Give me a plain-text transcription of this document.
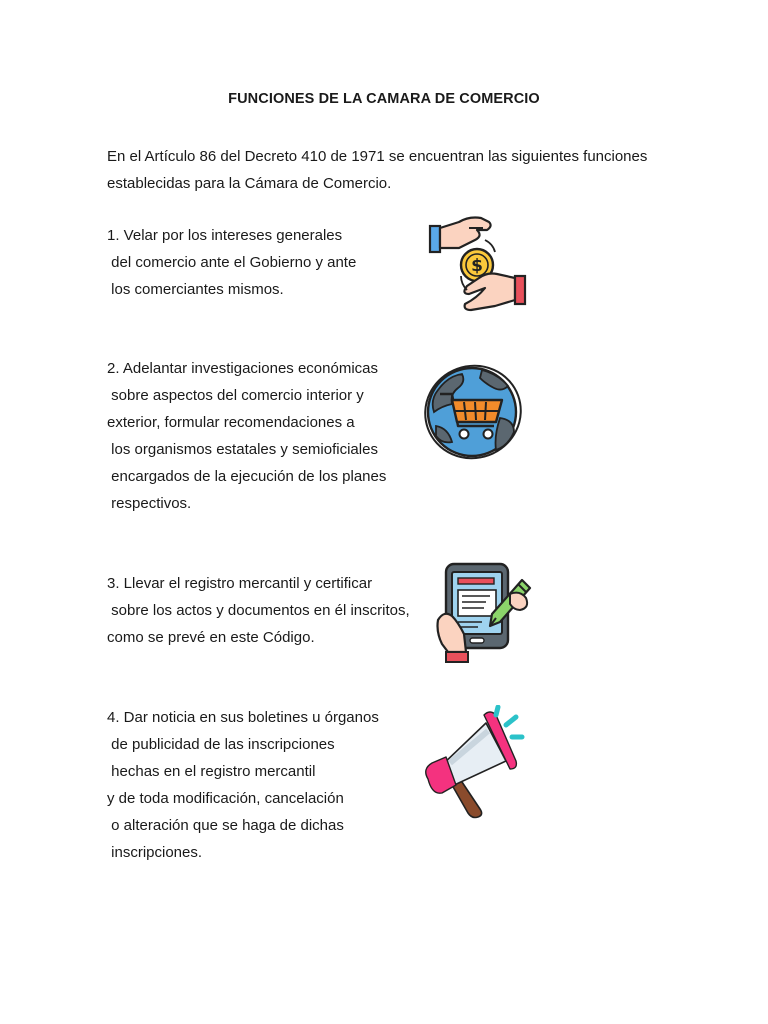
FUNCIONES DE LA CAMARA DE COMERCIO
En el Artículo 86 del Decreto 410 de 1971 se encuentran las siguientes funciones
establecidas para la Cámara de Comercio.
1. Velar por los intereses generales
del comercio ante el Gobierno y ante
los comerciantes mismos.
2. Adelantar investigaciones económicas
sobre aspectos del comercio interior y
exterior, formular recomendaciones a
los organismos estatales y semioficiales
encargados de la ejecución de los planes
respectivos.
3. Llevar el registro mercantil y certificar
sobre los actos y documentos en él inscritos,
como se prevé en este Código.
4. Dar noticia en sus boletines u órganos
de publicidad de las inscripciones
hechas en el registro mercantil
y de toda modificación, cancelación
o alteración que se haga de dichas
inscripciones.
$
